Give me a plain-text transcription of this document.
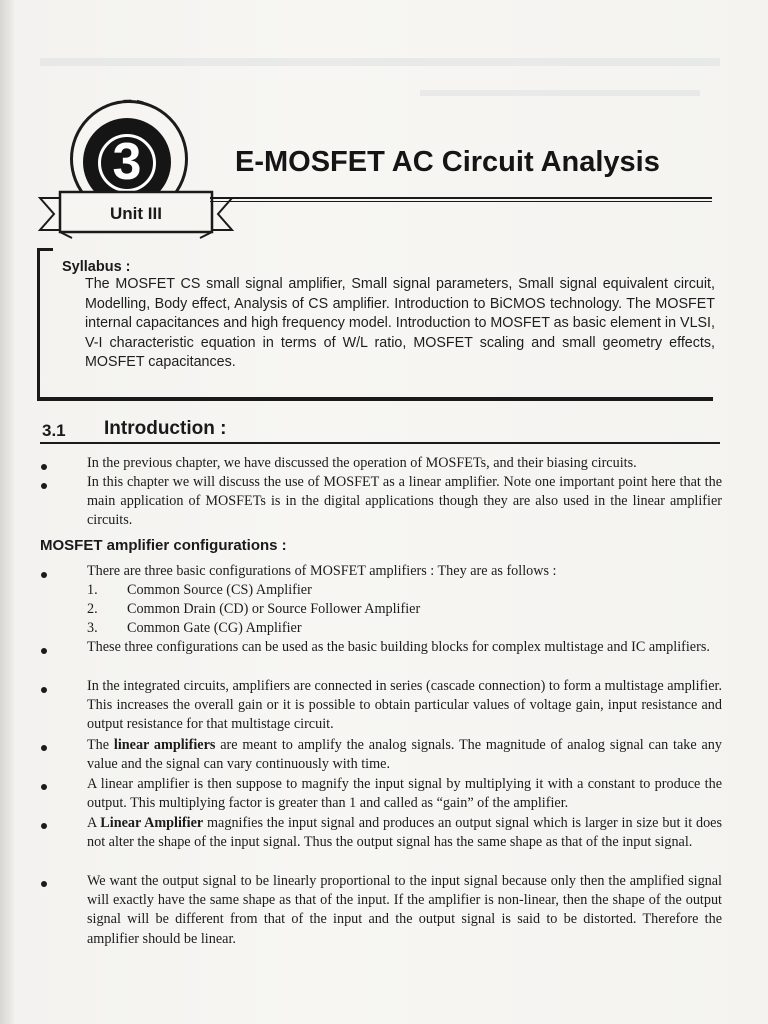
3
Unit III
E-MOSFET AC Circuit Analysis
Syllabus :
The MOSFET CS small signal amplifier, Small signal parameters, Small signal equivalent circuit, Modelling, Body effect, Analysis of CS amplifier. Introduction to BiCMOS technology. The MOSFET internal capacitances and high frequency model. Introduction to MOSFET as basic element in VLSI, V-I characteristic equation in terms of W/L ratio, MOSFET scaling and small geometry effects, MOSFET capacitances.
3.1 Introduction :
In the previous chapter, we have discussed the operation of MOSFETs, and their biasing circuits.
In this chapter we will discuss the use of MOSFET as a linear amplifier. Note one important point here that the main application of MOSFETs is in the digital applications though they are also used in the linear amplifier circuits.
MOSFET amplifier configurations :
There are three basic configurations of MOSFET amplifiers : They are as follows :
1. Common Source (CS) Amplifier
2. Common Drain (CD) or Source Follower Amplifier
3. Common Gate (CG) Amplifier
These three configurations can be used as the basic building blocks for complex multistage and IC amplifiers.
In the integrated circuits, amplifiers are connected in series (cascade connection) to form a multistage amplifier. This increases the overall gain or it is possible to obtain particular values of voltage gain, input resistance and output resistance for that multistage circuit.
The linear amplifiers are meant to amplify the analog signals. The magnitude of analog signal can take any value and the signal can vary continuously with time.
A linear amplifier is then suppose to magnify the input signal by multiplying it with a constant to produce the output. This multiplying factor is greater than 1 and called as “gain” of the amplifier.
A Linear Amplifier magnifies the input signal and produces an output signal which is larger in size but it does not alter the shape of the input signal. Thus the output signal has the same shape as that of the input signal.
We want the output signal to be linearly proportional to the input signal because only then the amplified signal will exactly have the same shape as that of the input. If the amplifier is non-linear, then the shape of the output signal will be different from that of the input and the output signal is said to be distorted. Therefore the amplifier should be linear.
